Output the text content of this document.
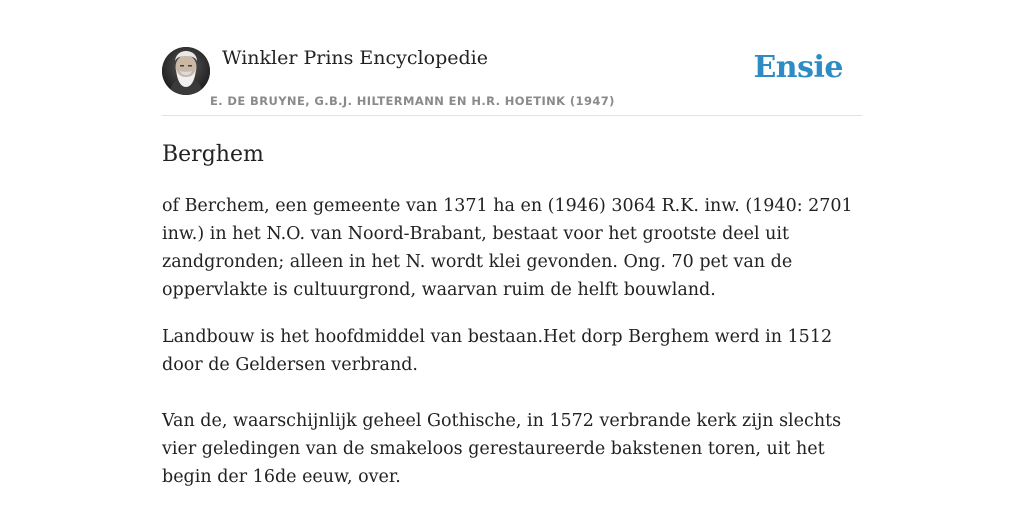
Winkler Prins Encyclopedie
E. DE BRUYNE, G.B.J. HILTERMANN EN H.R. HOETINK (1947)
Ensie
Berghem

of Berchem, een gemeente van 1371 ha en (1946) 3064 R.K. inw. (1940: 2701 inw.) in het N.O. van Noord-Brabant, bestaat voor het grootste deel uit zandgronden; alleen in het N. wordt klei gevonden. Ong. 70 pet van de oppervlakte is cultuurgrond, waarvan ruim de helft bouwland.

Landbouw is het hoofdmiddel van bestaan.Het dorp Berghem werd in 1512 door de Geldersen verbrand.

Van de, waarschijnlijk geheel Gothische, in 1572 verbrande kerk zijn slechts vier geledingen van de smakeloos gerestaureerde bakstenen toren, uit het begin der 16de eeuw, over.
